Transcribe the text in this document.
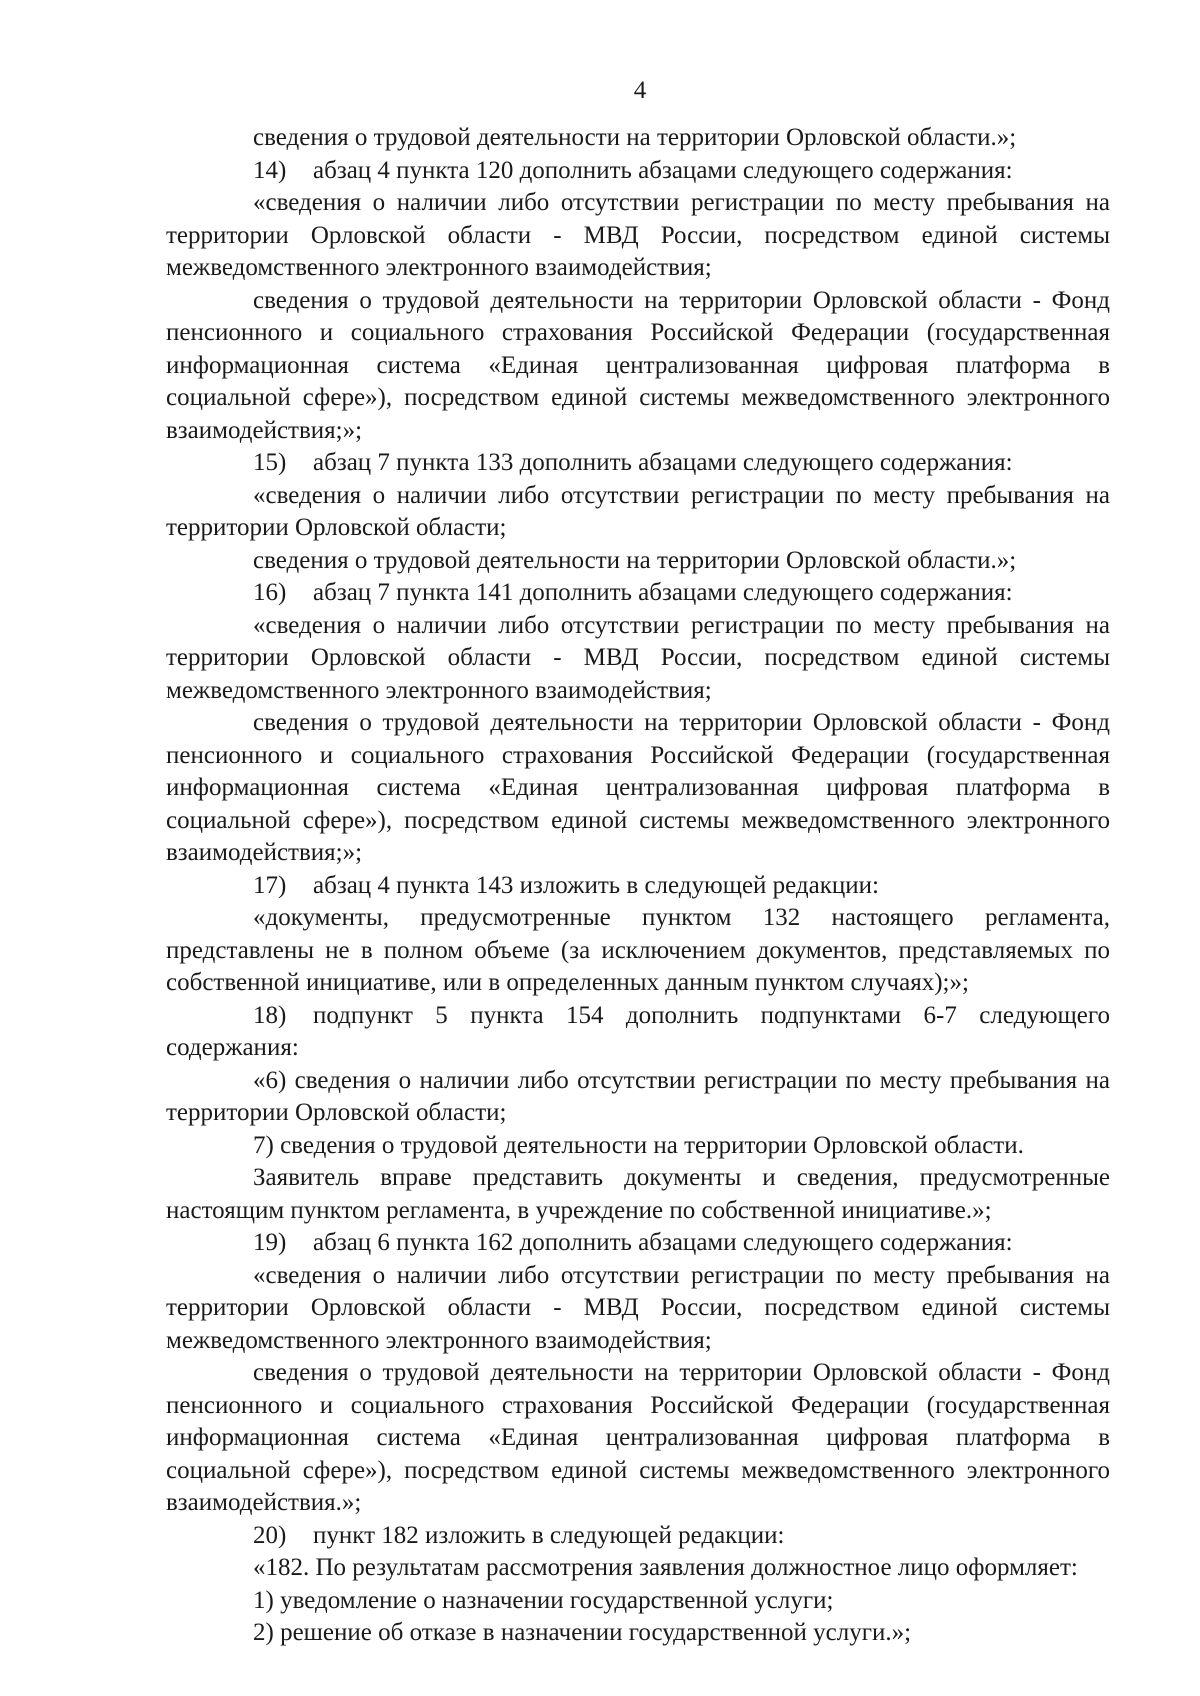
4

сведения о трудовой деятельности на территории Орловской области.»;

14) абзац 4 пункта 120 дополнить абзацами следующего содержания:

«сведения о наличии либо отсутствии регистрации по месту пребывания на территории Орловской области - МВД России, посредством единой системы межведомственного электронного взаимодействия;

сведения о трудовой деятельности на территории Орловской области - Фонд пенсионного и социального страхования Российской Федерации (государственная информационная система «Единая централизованная цифровая платформа в социальной сфере»), посредством единой системы межведомственного электронного взаимодействия;»;

15) абзац 7 пункта 133 дополнить абзацами следующего содержания:

«сведения о наличии либо отсутствии регистрации по месту пребывания на территории Орловской области;

сведения о трудовой деятельности на территории Орловской области.»;

16) абзац 7 пункта 141 дополнить абзацами следующего содержания:

«сведения о наличии либо отсутствии регистрации по месту пребывания на территории Орловской области - МВД России, посредством единой системы межведомственного электронного взаимодействия;

сведения о трудовой деятельности на территории Орловской области - Фонд пенсионного и социального страхования Российской Федерации (государственная информационная система «Единая централизованная цифровая платформа в социальной сфере»), посредством единой системы межведомственного электронного взаимодействия;»;

17) абзац 4 пункта 143 изложить в следующей редакции:

«документы, предусмотренные пунктом 132 настоящего регламента, представлены не в полном объеме (за исключением документов, представляемых по собственной инициативе, или в определенных данным пунктом случаях);»;

18) подпункт 5 пункта 154 дополнить подпунктами 6-7 следующего содержания:

«6) сведения о наличии либо отсутствии регистрации по месту пребывания на территории Орловской области;

7) сведения о трудовой деятельности на территории Орловской области.

Заявитель вправе представить документы и сведения, предусмотренные настоящим пунктом регламента, в учреждение по собственной инициативе.»;

19) абзац 6 пункта 162 дополнить абзацами следующего содержания:

«сведения о наличии либо отсутствии регистрации по месту пребывания на территории Орловской области - МВД России, посредством единой системы межведомственного электронного взаимодействия;

сведения о трудовой деятельности на территории Орловской области - Фонд пенсионного и социального страхования Российской Федерации (государственная информационная система «Единая централизованная цифровая платформа в социальной сфере»), посредством единой системы межведомственного электронного взаимодействия.»;

20) пункт 182 изложить в следующей редакции:

«182. По результатам рассмотрения заявления должностное лицо оформляет:

1) уведомление о назначении государственной услуги;

2) решение об отказе в назначении государственной услуги.»;
